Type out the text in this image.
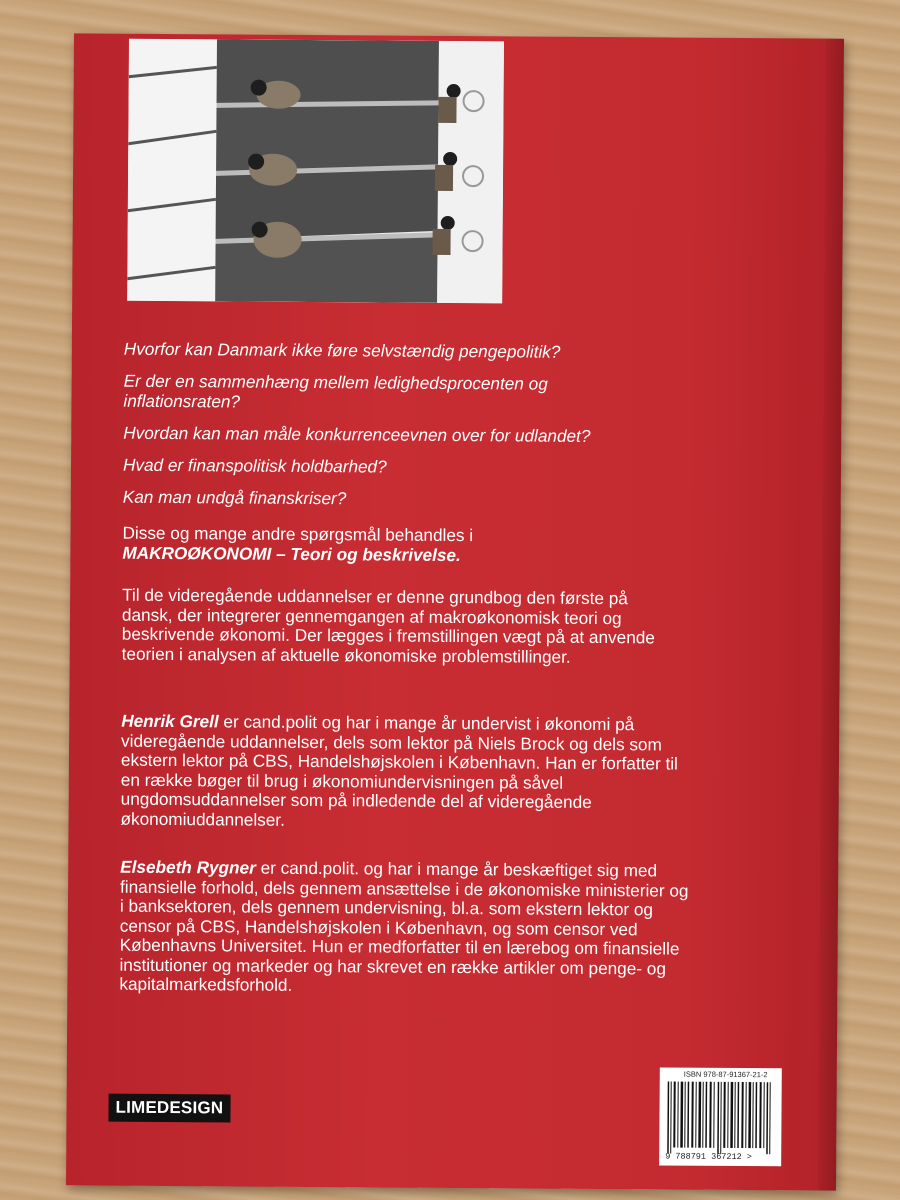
Hvorfor kan Danmark ikke føre selvstændig pengepolitik?

Er der en sammenhæng mellem ledighedsprocenten og inflationsraten?

Hvordan kan man måle konkurrenceevnen over for udlandet?

Hvad er finanspolitisk holdbarhed?

Kan man undgå finanskriser?

Disse og mange andre spørgsmål behandles i
MAKROØKONOMI – Teori og beskrivelse.

Til de videregående uddannelser er denne grundbog den første på dansk, der integrerer gennemgangen af makroøkonomisk teori og beskrivende økonomi. Der lægges i fremstillingen vægt på at anvende teorien i analysen af aktuelle økonomiske problemstillinger.

Henrik Grell er cand.polit og har i mange år undervist i økonomi på videregående uddannelser, dels som lektor på Niels Brock og dels som ekstern lektor på CBS, Handelshøjskolen i København. Han er forfatter til en række bøger til brug i økonomiundervisningen på såvel ungdomsuddannelser som på indledende del af videregående økonomiuddannelser.

Elsebeth Rygner er cand.polit. og har i mange år beskæftiget sig med finansielle forhold, dels gennem ansættelse i de økonomiske ministerier og i banksektoren, dels gennem undervisning, bl.a. som ekstern lektor og censor på CBS, Handelshøjskolen i København, og som censor ved Københavns Universitet. Hun er medforfatter til en lærebog om finansielle institutioner og markeder og har skrevet en række artikler om penge- og kapitalmarkedsforhold.

LIMEDESIGN
ISBN 978-87-91367-21-2
9 788791 367212 >
